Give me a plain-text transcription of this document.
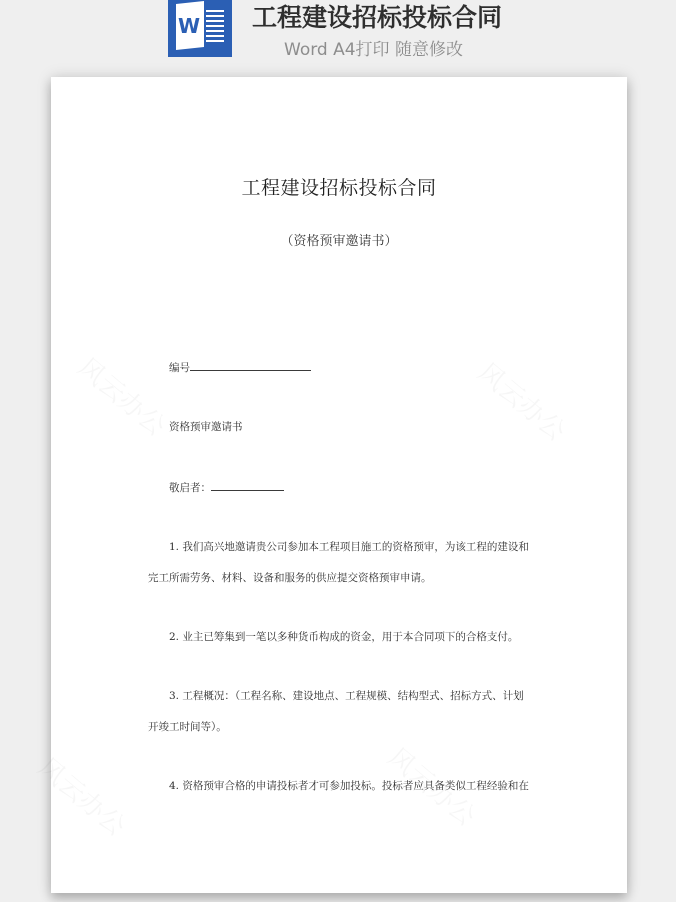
W 工程建设招标投标合同
Word A4打印 随意修改
工程建设招标投标合同
（资格预审邀请书）
编号
资格预审邀请书
敬启者：
1. 我们高兴地邀请贵公司参加本工程项目施工的资格预审，为该工程的建设和
完工所需劳务、材料、设备和服务的供应提交资格预审申请。
2. 业主已筹集到一笔以多种货币构成的资金，用于本合同项下的合格支付。
3. 工程概况：（工程名称、建设地点、工程规模、结构型式、招标方式、计划
开竣工时间等）。
4. 资格预审合格的申请投标者才可参加投标。投标者应具备类似工程经验和在
